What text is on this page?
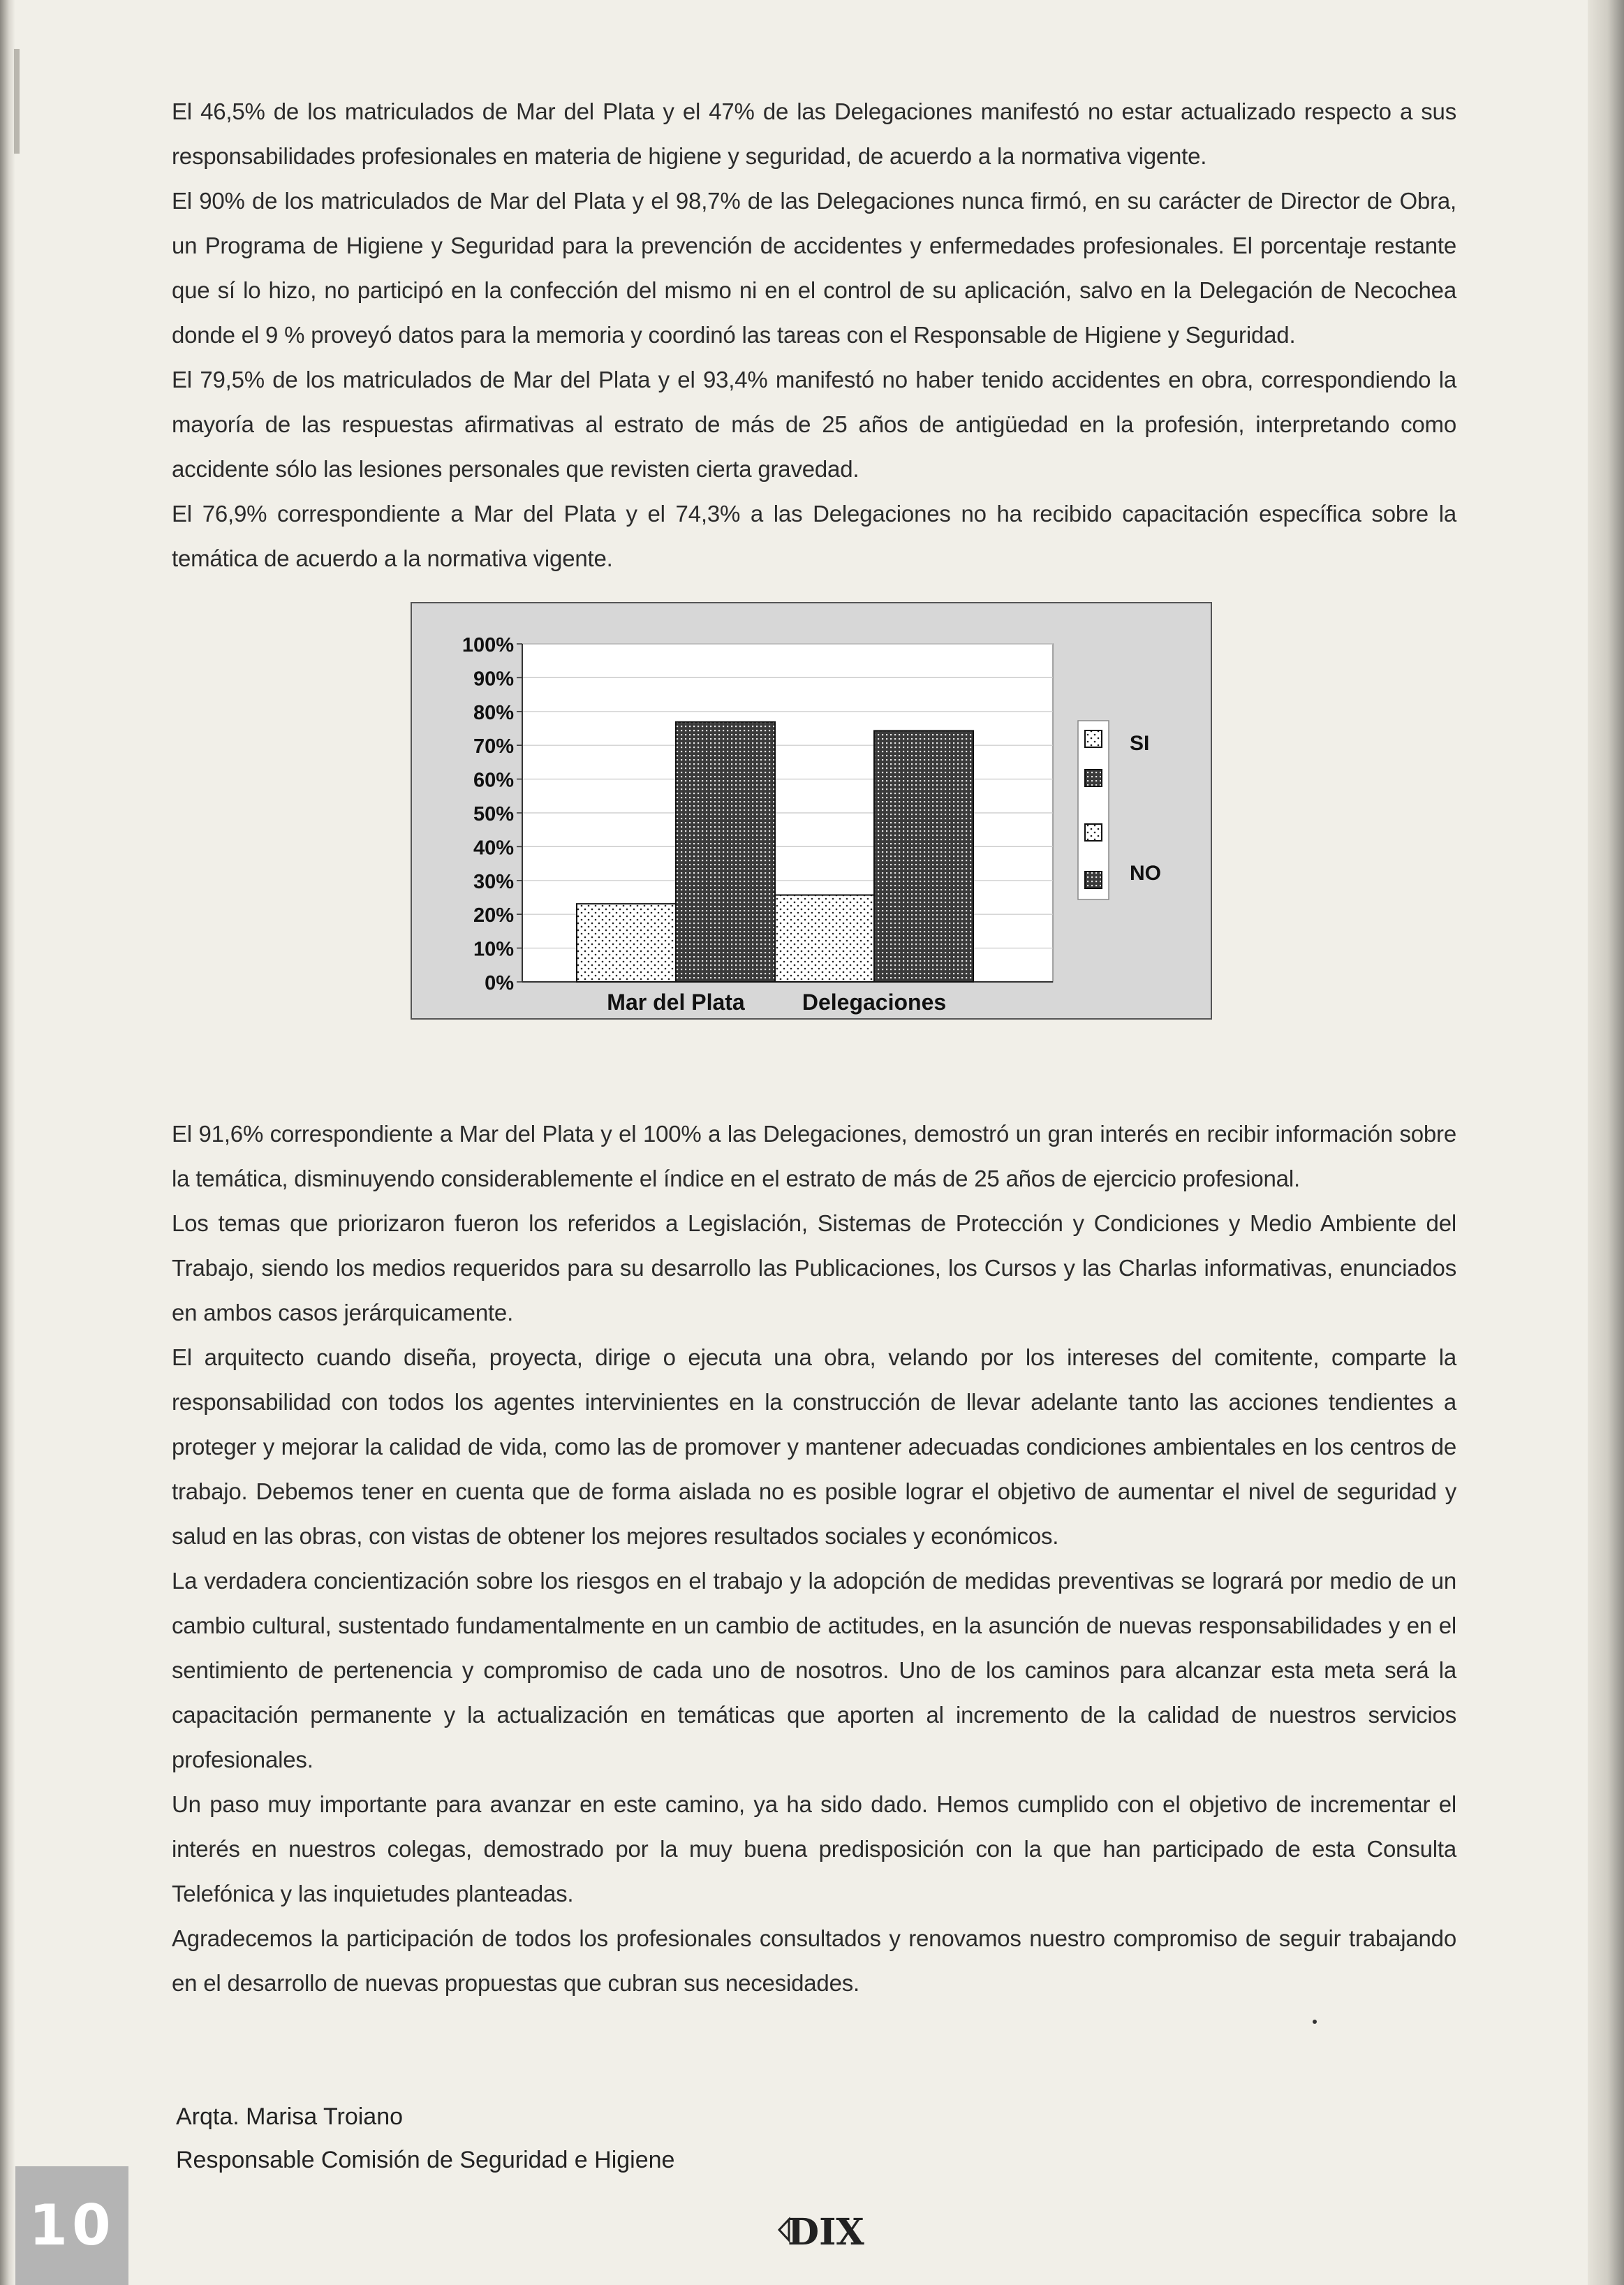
El 46,5% de los matriculados de Mar del Plata y el 47% de las Delegaciones manifestó no estar actualizado respecto a sus responsabilidades profesionales en materia de higiene y seguridad, de acuerdo a la normativa vigente.

El 90% de los matriculados de Mar del Plata y el 98,7% de las Delegaciones nunca firmó, en su carácter de Director de Obra, un Programa de Higiene y Seguridad para la prevención de accidentes y enfermedades profesionales. El porcentaje restante que sí lo hizo, no participó en la confección del mismo ni en el control de su aplicación, salvo en la Delegación de Necochea donde el 9 % proveyó datos para la memoria y coordinó las tareas con el Responsable de Higiene y Seguridad.

El 79,5% de los matriculados de Mar del Plata y el 93,4% manifestó no haber tenido accidentes en obra, correspondiendo la mayoría de las respuestas afirmativas al estrato de más de 25 años de antigüedad en la profesión, interpretando como accidente sólo las lesiones personales que revisten cierta gravedad.

El 76,9% correspondiente a Mar del Plata y el 74,3% a las Delegaciones no ha recibido capacitación específica sobre la temática de acuerdo a la normativa vigente.

0%
10%
20%
30%
40%
50%
60%
70%
80%
90%
100%
Mar del Plata	Delegaciones
SI
NO

El 91,6% correspondiente a Mar del Plata y el 100% a las Delegaciones, demostró un gran interés en recibir información sobre la temática, disminuyendo considerablemente el índice en el estrato de más de 25 años de ejercicio profesional.

Los temas que priorizaron fueron los referidos a Legislación, Sistemas de Protección y Condiciones y Medio Ambiente del Trabajo, siendo los medios requeridos para su desarrollo las Publicaciones, los Cursos y las Charlas informativas, enunciados en ambos casos jerárquicamente.

El arquitecto cuando diseña, proyecta, dirige o ejecuta una obra, velando por los intereses del comitente, comparte la responsabilidad con todos los agentes intervinientes en la construcción de llevar adelante tanto las acciones tendientes a proteger y mejorar la calidad de vida, como las de promover y mantener adecuadas condiciones ambientales en los centros de trabajo. Debemos tener en cuenta que de forma aislada no es posible lograr el objetivo de aumentar el nivel de seguridad y salud en las obras, con vistas de obtener los mejores resultados sociales y económicos.

La verdadera concientización sobre los riesgos en el trabajo y la adopción de medidas preventivas se logrará por medio de un cambio cultural, sustentado fundamentalmente en un cambio de actitudes, en la asunción de nuevas responsabilidades y en el sentimiento de pertenencia y compromiso de cada uno de nosotros. Uno de los caminos para alcanzar esta meta será la capacitación permanente y la actualización en temáticas que aporten al incremento de la calidad de nuestros servicios profesionales.

Un paso muy importante para avanzar en este camino, ya ha sido dado. Hemos cumplido con el objetivo de incrementar el interés en nuestros colegas, demostrado por la muy buena predisposición con la que han participado de esta Consulta Telefónica y las inquietudes planteadas.

Agradecemos la participación de todos los profesionales consultados y renovamos nuestro compromiso de seguir trabajando en el desarrollo de nuevas propuestas que cubran sus necesidades.

Arqta. Marisa Troiano
Responsable Comisión de Seguridad e Higiene
10	DIX
